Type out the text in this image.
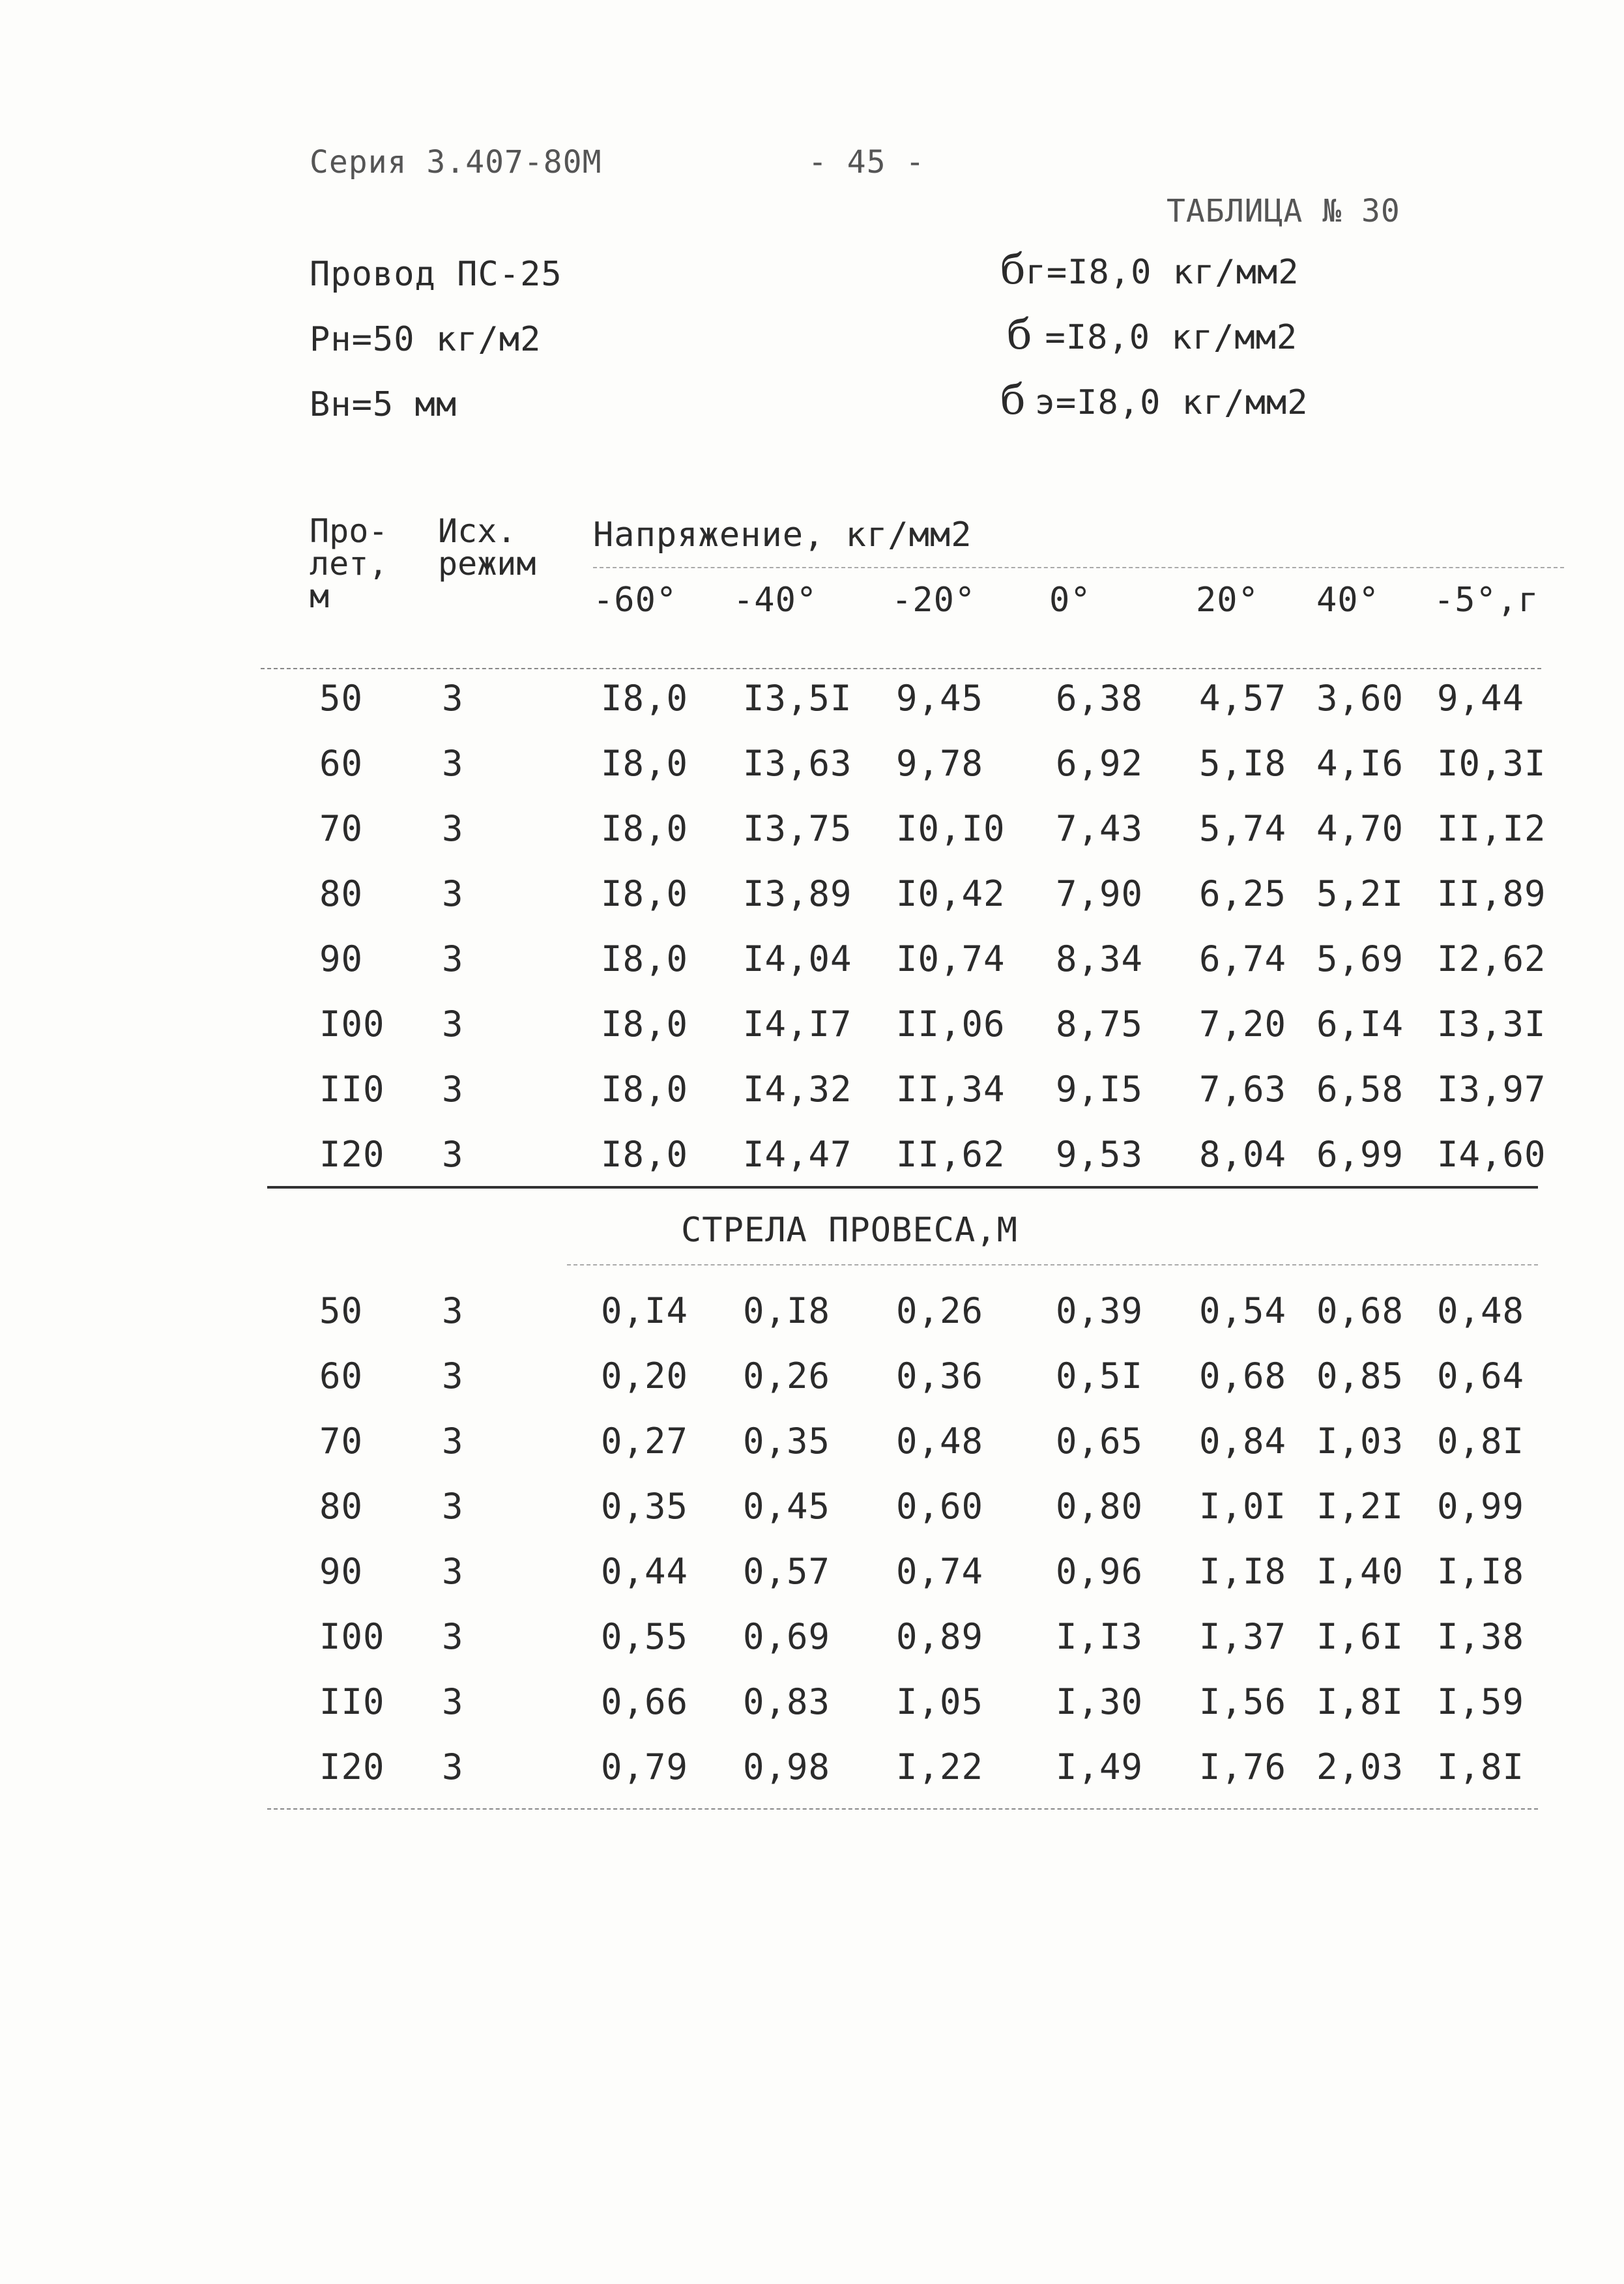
Серия 3.407-80М	- 45 -
ТАБЛИЦА № 30
Провод ПС-25
Рн=50 кг/м2
Вн=5 мм
бг=I8,0 кг/мм2
б =I8,0 кг/мм2
б э=I8,0 кг/мм2
Про-
лет,
м
Исх.
режим
Напряжение, кг/мм2
-60° -40° -20° 0°	20° 40° -5°,г
50 3	I8,0 I3,5I 9,45 6,38 4,57 3,60 9,44
60 3	I8,0 I3,63 9,78 6,92 5,I8 4,I6 I0,3I
70 3	I8,0 I3,75 I0,I0 7,43 5,74 4,70 II,I2
80 3	I8,0 I3,89 I0,42 7,90 6,25 5,2I II,89
90 3	I8,0 I4,04 I0,74 8,34 6,74 5,69 I2,62
I00 3	I8,0 I4,I7 II,06 8,75 7,20 6,I4 I3,3I
II0 3	I8,0 I4,32 II,34 9,I5 7,63 6,58 I3,97
I20 3	I8,0 I4,47 II,62 9,53 8,04 6,99 I4,60
СТРЕЛА ПРОВЕСА,М
50 3	0,I4 0,I8 0,26 0,39 0,54 0,68 0,48
60 3	0,20 0,26 0,36 0,5I 0,68 0,85 0,64
70 3	0,27 0,35 0,48 0,65 0,84 I,03 0,8I
80 3	0,35 0,45 0,60 0,80 I,0I I,2I 0,99
90 3	0,44 0,57 0,74 0,96 I,I8 I,40 I,I8
I00 3	0,55 0,69 0,89 I,I3 I,37 I,6I I,38
II0 3	0,66 0,83 I,05 I,30 I,56 I,8I I,59
I20 3	0,79 0,98 I,22 I,49 I,76 2,03 I,8I
